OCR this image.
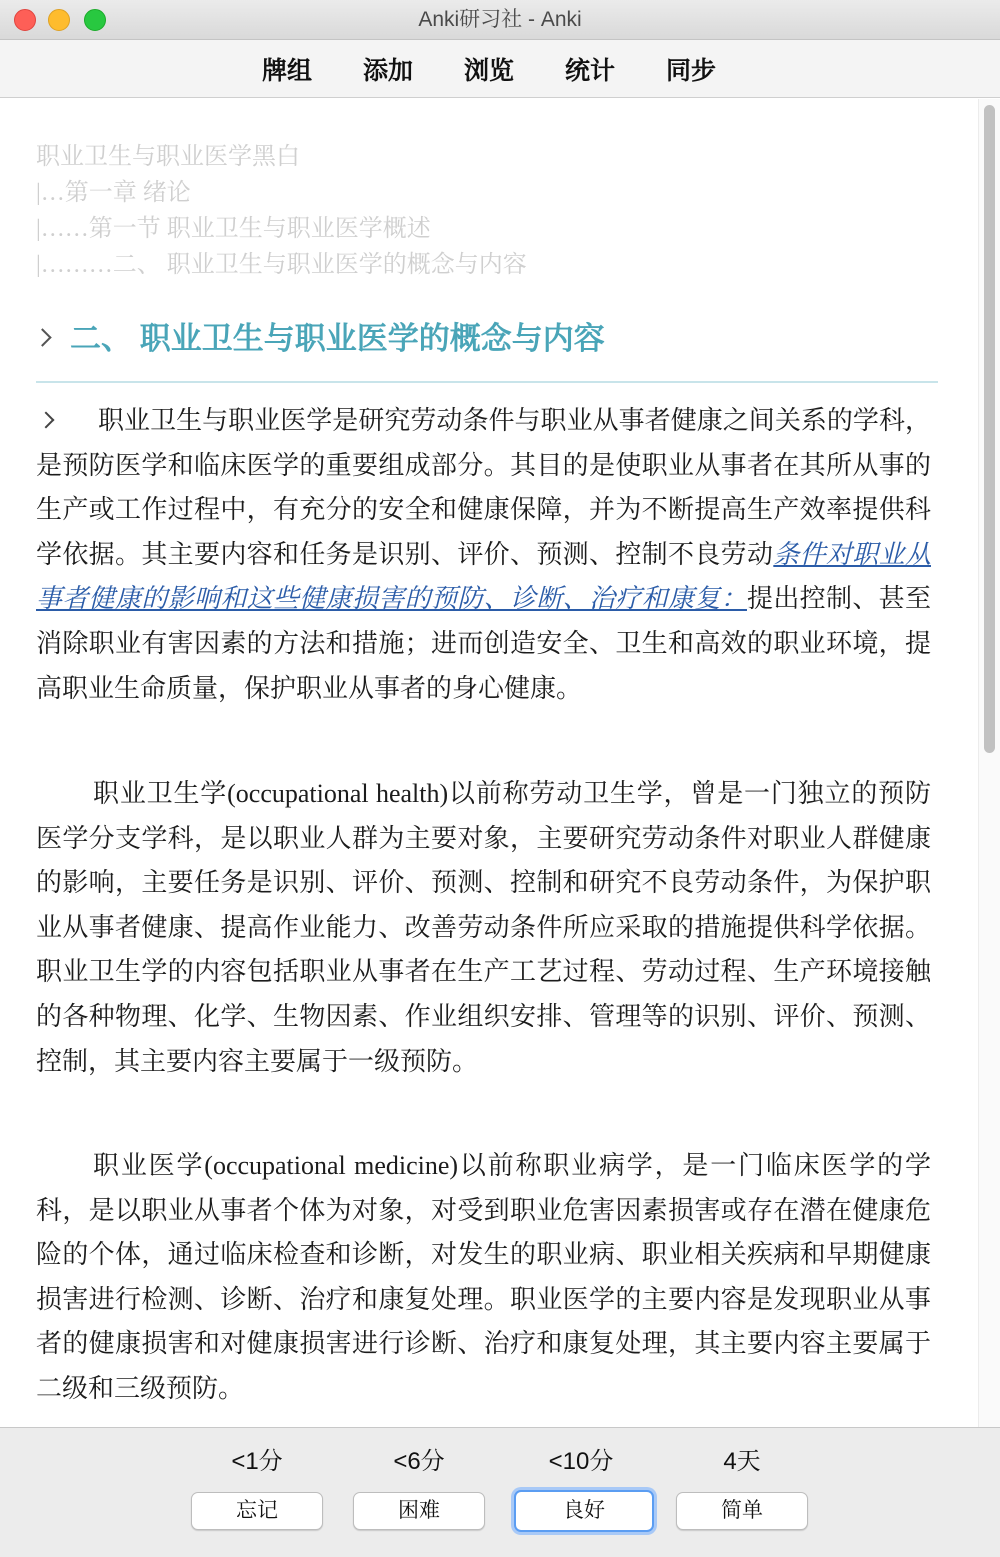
Anki研习社 - Anki
牌组 添加 浏览 统计 同步
职业卫生与职业医学黑白
|…第一章 绪论
|……第一节 职业卫生与职业医学概述
|………二、 职业卫生与职业医学的概念与内容
二、 职业卫生与职业医学的概念与内容
职业卫生与职业医学是研究劳动条件与职业从事者健康之间关系的学科，是预防医学和临床医学的重要组成部分。其目的是使职业从事者在其所从事的生产或工作过程中，有充分的安全和健康保障，并为不断提高生产效率提供科学依据。其主要内容和任务是识别、评价、预测、控制不良劳动条件对职业从事者健康的影响和这些健康损害的预防、诊断、治疗和康复：提出控制、甚至消除职业有害因素的方法和措施；进而创造安全、卫生和高效的职业环境，提高职业生命质量，保护职业从事者的身心健康。
职业卫生学(occupational health)以前称劳动卫生学，曾是一门独立的预防医学分支学科，是以职业人群为主要对象，主要研究劳动条件对职业人群健康的影响，主要任务是识别、评价、预测、控制和研究不良劳动条件，为保护职业从事者健康、提高作业能力、改善劳动条件所应采取的措施提供科学依据。职业卫生学的内容包括职业从事者在生产工艺过程、劳动过程、生产环境接触的各种物理、化学、生物因素、作业组织安排、管理等的识别、评价、预测、控制，其主要内容主要属于一级预防。
职业医学(occupational medicine)以前称职业病学，是一门临床医学的学科，是以职业从事者个体为对象，对受到职业危害因素损害或存在潜在健康危险的个体，通过临床检查和诊断，对发生的职业病、职业相关疾病和早期健康损害进行检测、诊断、治疗和康复处理。职业医学的主要内容是发现职业从事者的健康损害和对健康损害进行诊断、治疗和康复处理，其主要内容主要属于二级和三级预防。
<1分
忘记
<6分
困难
<10分
良好
4天
简单
